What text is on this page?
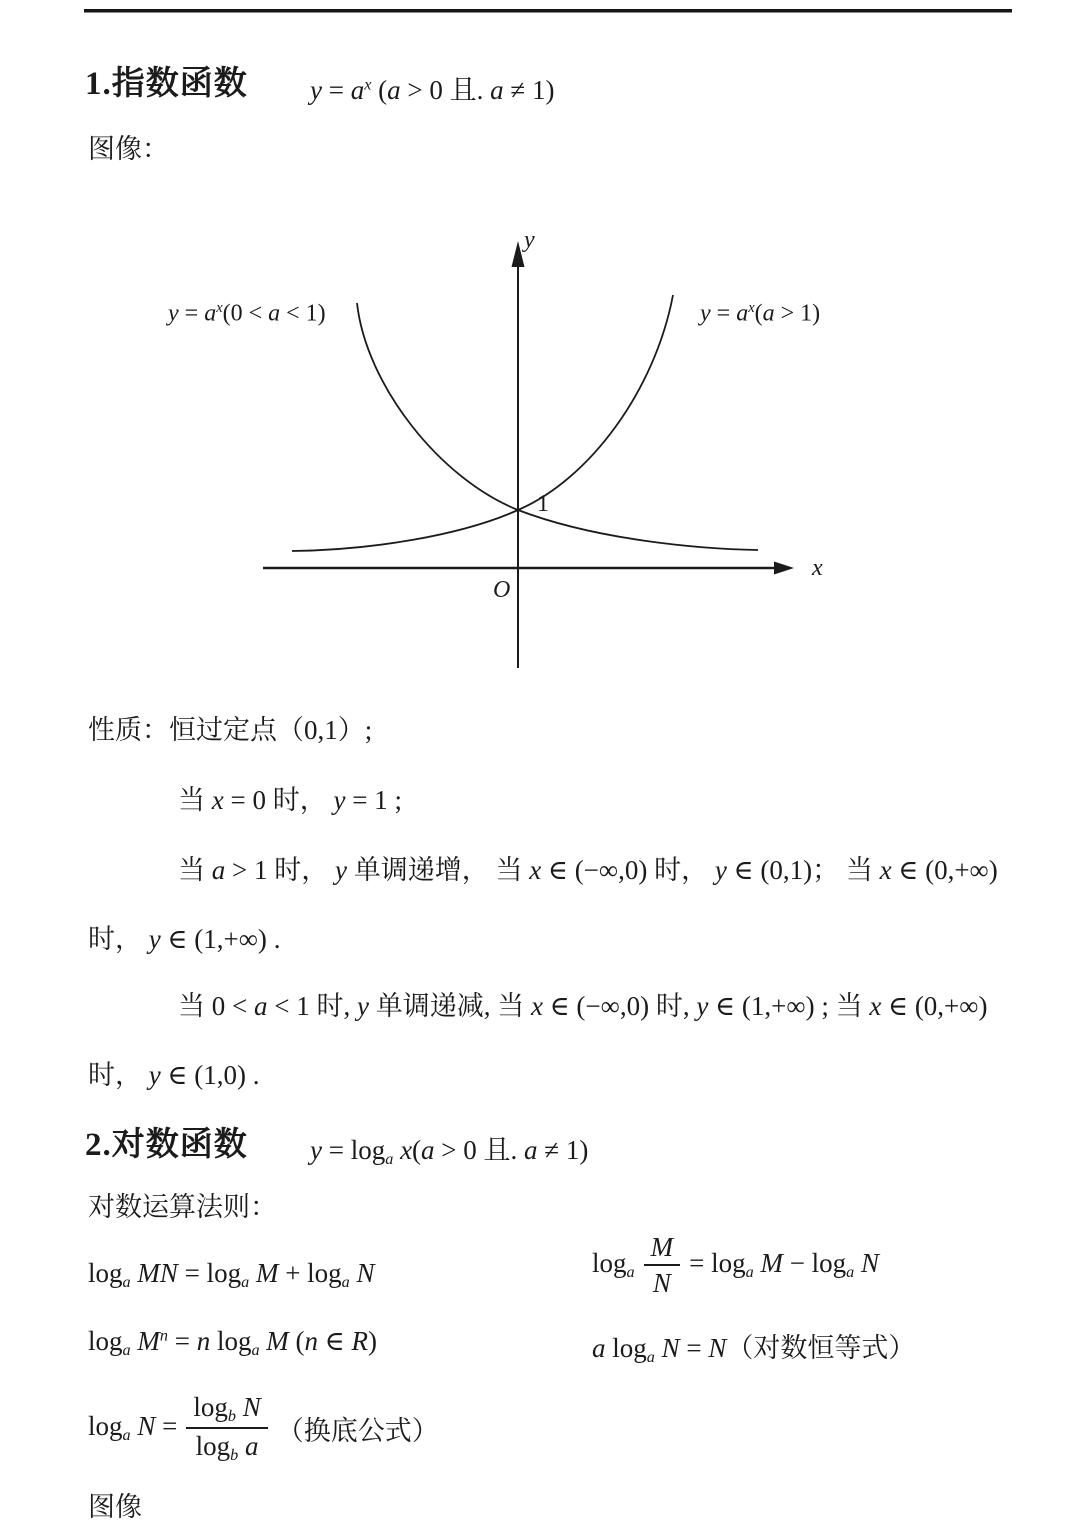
1.指数函数 $y = a^x$ (a > 0 且. a ≠ 1)
图像：
y
x
O
1
$y = a^x(0 < a < 1)$	$y = a^x(a > 1)$
性质：恒过定点（0,1）;
当 x = 0 时， y = 1 ;
当 a > 1 时， y 单调递增， 当 x ∈ (−∞,0) 时， y ∈ (0,1)； 当 x ∈ (0,+∞)
时， y ∈ (1,+∞) .
当 0 < a < 1 时, y 单调递减, 当 x ∈ (−∞,0) 时, y ∈ (1,+∞) ; 当 x ∈ (0,+∞)
时， y ∈ (1,0) .
2.对数函数 y = loga x(a > 0 且. a ≠ 1)
对数运算法则：
loga MN = loga M + loga N	loga $\frac{M}{N} = \log a$ M − loga N
loga $M^n = n$ loga M (n ∈ R)	a loga N = N（对数恒等式）
loga $N = \frac{\text{logb N}}{\text{logb a}}$ （换底公式）
图像
